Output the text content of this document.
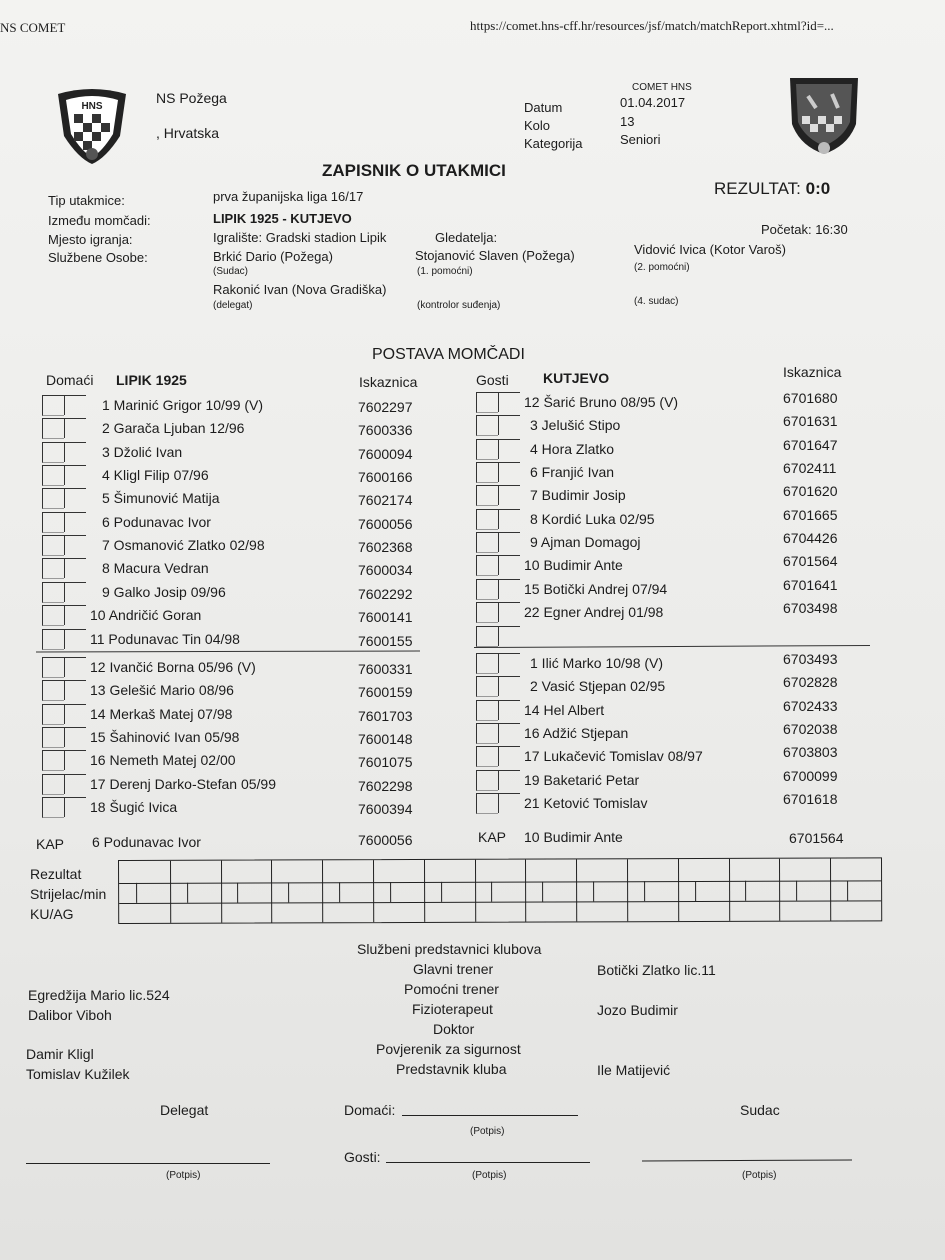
NS COMET	https://comet.hns-cff.hr/resources/jsf/match/matchReport.xhtml?id=...
HNS
NS Požega
, Hrvatska
COMET HNS
Datum	01.04.2017
Kolo	13
Kategorija	Seniori
ZAPISNIK O UTAKMICI
REZULTAT: 0:0
Tip utakmice:	prva županijska liga 16/17
Između momčadi:	LIPIK 1925 - KUTJEVO
Početak: 16:30
Mjesto igranja:	Igralište: Gradski stadion Lipik	Gledatelja:
Službene Osobe:	Brkić Dario (Požega)
(Sudac)
Stojanović Slaven (Požega)
(1. pomoćni)
Vidović Ivica (Kotor Varoš)
(2. pomoćni)
Rakonić Ivan (Nova Gradiška)
(delegat)	(kontrolor suđenja)	(4. sudac)
POSTAVA MOMČADI
Domaći LIPIK 1925	Iskaznica	Gosti KUTJEVO	Iskaznica
1 Marinić Grigor 10/99 (V)	7602297
2 Garača Ljuban 12/96	7600336
3 Džolić Ivan	7600094
4 Kligl Filip 07/96	7600166
5 Šimunović Matija	7602174
6 Podunavac Ivor	7600056
7 Osmanović Zlatko 02/98	7602368
8 Macura Vedran	7600034
9 Galko Josip 09/96	7602292
10 Andričić Goran	7600141
11 Podunavac Tin 04/98	7600155
12 Ivančić Borna 05/96 (V)	7600331
13 Gelešić Mario 08/96	7600159
14 Merkaš Matej 07/98	7601703
15 Šahinović Ivan 05/98	7600148
16 Nemeth Matej 02/00	7601075
17 Derenj Darko-Stefan 05/99	7602298
18 Šugić Ivica	7600394
12 Šarić Bruno 08/95 (V)	6701680
3 Jelušić Stipo	6701631
4 Hora Zlatko	6701647
6 Franjić Ivan	6702411
7 Budimir Josip	6701620
8 Kordić Luka 02/95	6701665
9 Ajman Domagoj	6704426
10 Budimir Ante	6701564
15 Botički Andrej 07/94	6701641
22 Egner Andrej 01/98	6703498
1 Ilić Marko 10/98 (V)	6703493
2 Vasić Stjepan 02/95	6702828
14 Hel Albert	6702433
16 Adžić Stjepan	6702038
17 Lukačević Tomislav 08/97	6703803
19 Baketarić Petar	6700099
21 Ketović Tomislav	6701618
KAP 6 Podunavac Ivor	7600056	KAP 10 Budimir Ante	6701564
Rezultat
Strijelac/min
KU/AG
Službeni predstavnici klubova
Glavni trener
Pomoćni trener
Fizioterapeut
Doktor
Povjerenik za sigurnost
Predstavnik kluba
Botički Zlatko lic.11
Jozo Budimir
Ile Matijević
Egredžija Mario lic.524
Dalibor Viboh
Damir Kligl
Tomislav Kužilek
Delegat	Sudac
Domaći:
(Potpis)
Gosti:
(Potpis)
(Potpis)	(Potpis)
